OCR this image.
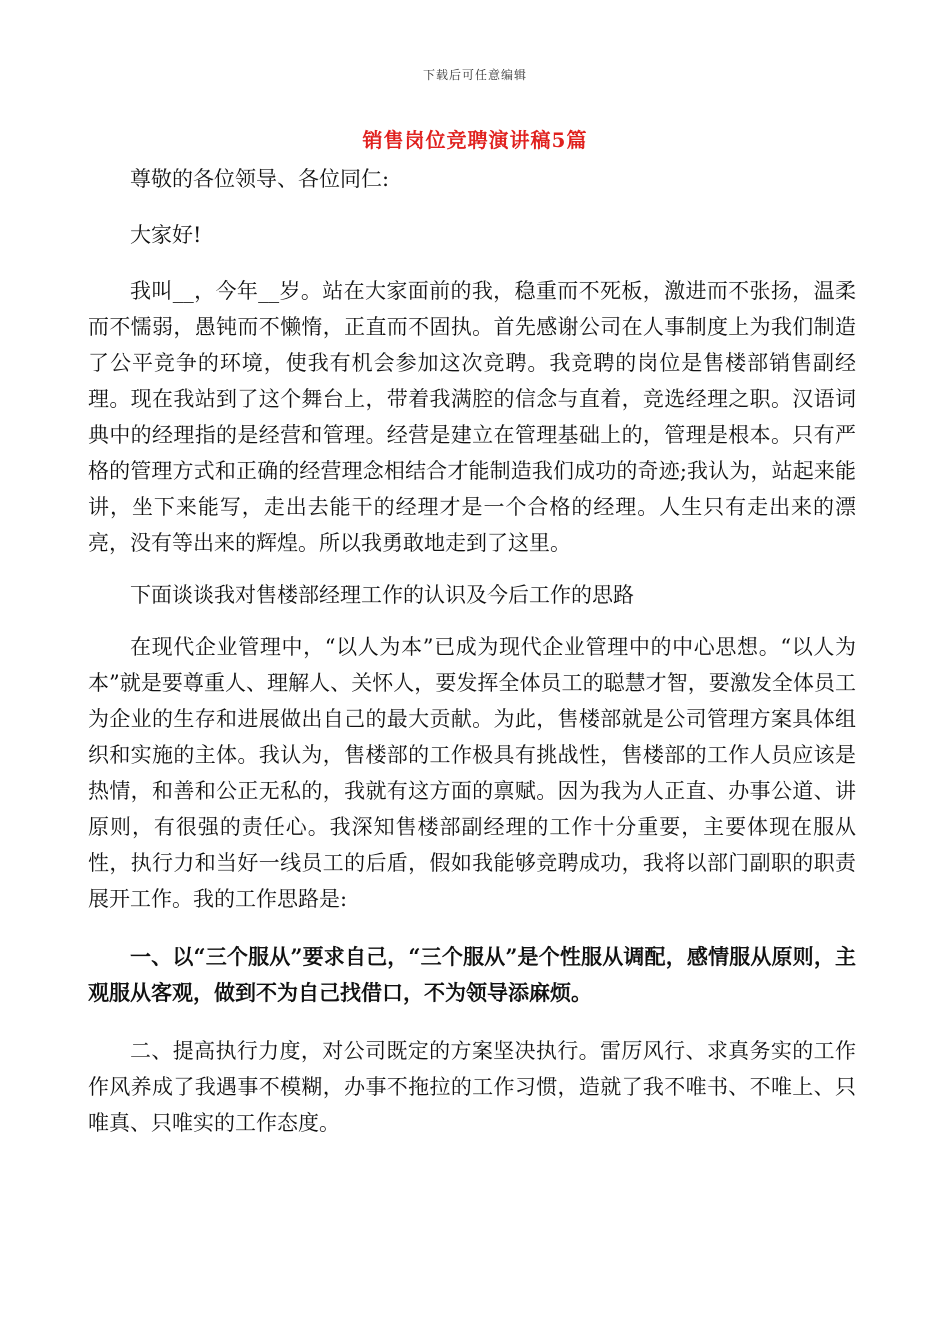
下载后可任意编辑
销售岗位竞聘演讲稿5篇

尊敬的各位领导、各位同仁:

大家好!

我叫__，今年__岁。站在大家面前的我，稳重而不死板，激进而不张扬，温柔而不懦弱，愚钝而不懒惰，正直而不固执。首先感谢公司在人事制度上为我们制造了公平竞争的环境，使我有机会参加这次竞聘。我竞聘的岗位是售楼部销售副经理。现在我站到了这个舞台上，带着我满腔的信念与直着，竞选经理之职。汉语词典中的经理指的是经营和管理。经营是建立在管理基础上的，管理是根本。只有严格的管理方式和正确的经营理念相结合才能制造我们成功的奇迹;我认为，站起来能讲，坐下来能写，走出去能干的经理才是一个合格的经理。人生只有走出来的漂亮，没有等出来的辉煌。所以我勇敢地走到了这里。

下面谈谈我对售楼部经理工作的认识及今后工作的思路

在现代企业管理中，“以人为本”已成为现代企业管理中的中心思想。“以人为本”就是要尊重人、理解人、关怀人，要发挥全体员工的聪慧才智，要激发全体员工为企业的生存和进展做出自己的最大贡献。为此，售楼部就是公司管理方案具体组织和实施的主体。我认为，售楼部的工作极具有挑战性，售楼部的工作人员应该是热情，和善和公正无私的，我就有这方面的禀赋。因为我为人正直、办事公道、讲原则，有很强的责任心。我深知售楼部副经理的工作十分重要，主要体现在服从性，执行力和当好一线员工的后盾，假如我能够竞聘成功，我将以部门副职的职责展开工作。我的工作思路是:

一、以“三个服从”要求自己，“三个服从”是个性服从调配，感情服从原则，主观服从客观，做到不为自己找借口，不为领导添麻烦。

二、提高执行力度，对公司既定的方案坚决执行。雷厉风行、求真务实的工作作风养成了我遇事不模糊，办事不拖拉的工作习惯，造就了我不唯书、不唯上、只唯真、只唯实的工作态度。
